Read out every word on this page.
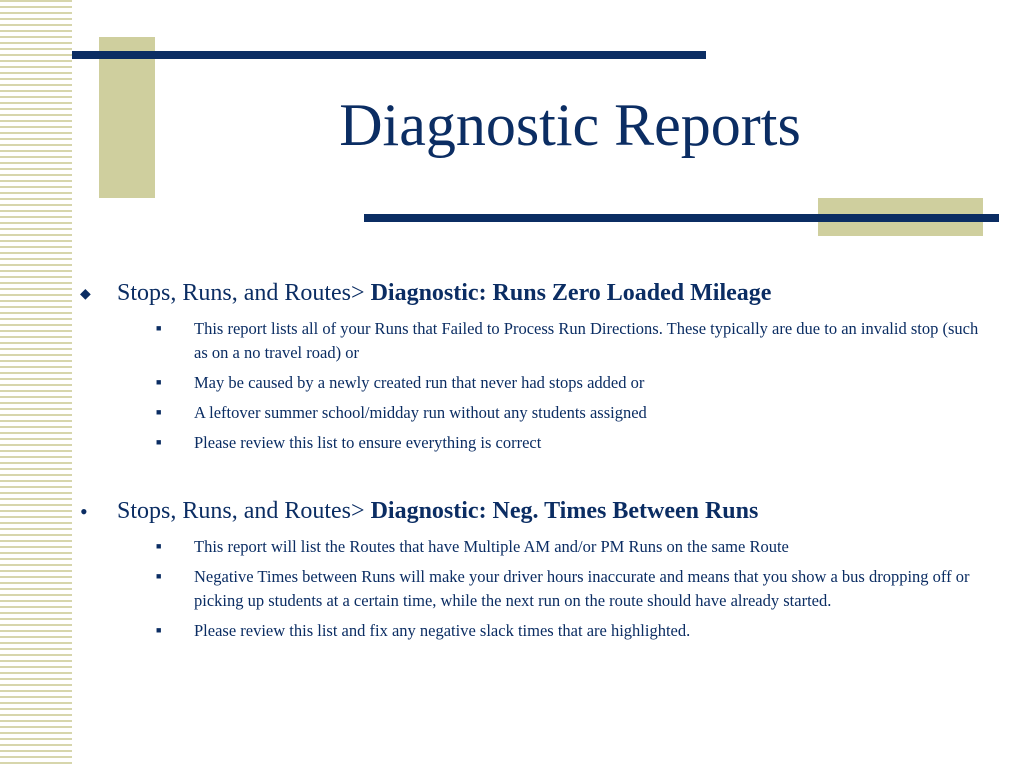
Diagnostic Reports
◆ Stops, Runs, and Routes> Diagnostic: Runs Zero Loaded Mileage
■ This report lists all of your Runs that Failed to Process Run Directions. These typically are due to an invalid stop (such as on a no travel road) or
■ May be caused by a newly created run that never had stops added or
■ A leftover summer school/midday run without any students assigned
■ Please review this list to ensure everything is correct
• Stops, Runs, and Routes> Diagnostic: Neg. Times Between Runs
■ This report will list the Routes that have Multiple AM and/or PM Runs on the same Route
■ Negative Times between Runs will make your driver hours inaccurate and means that you show a bus dropping off or picking up students at a certain time, while the next run on the route should have already started.
■ Please review this list and fix any negative slack times that are highlighted.
